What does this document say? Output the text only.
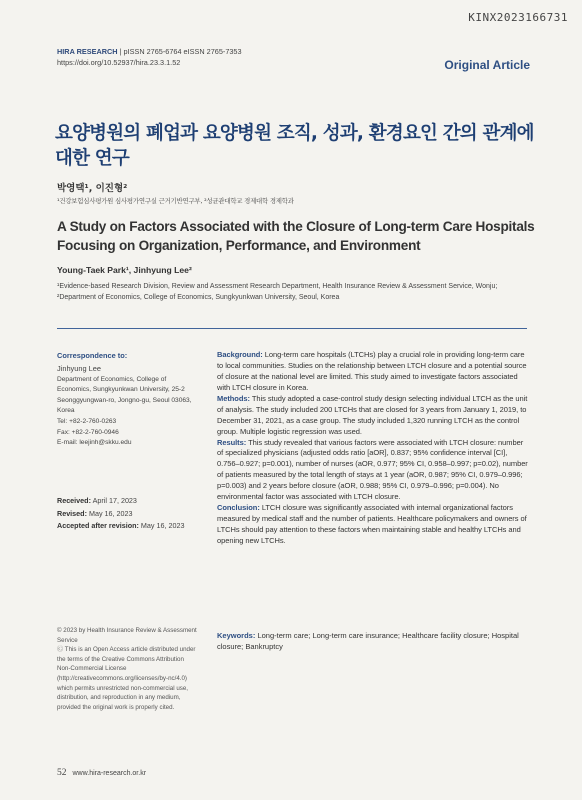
KINX2023166731
HIRA RESEARCH | pISSN 2765-6764 eISSN 2765-7353
https://doi.org/10.52937/hira.23.3.1.52	Original Article
요양병원의 폐업과 요양병원 조직, 성과, 환경요인 간의 관계에 대한 연구
박영택¹, 이진형²
¹건강보험심사평가원 심사평가연구실 근거기반연구부, ²성균관대학교 경제대학 경제학과
A Study on Factors Associated with the Closure of Long-term Care Hospitals Focusing on Organization, Performance, and Environment
Young-Taek Park¹, Jinhyung Lee²
¹Evidence-based Research Division, Review and Assessment Research Department, Health Insurance Review & Assessment Service, Wonju; ²Department of Economics, College of Economics, Sungkyunkwan University, Seoul, Korea
Correspondence to:
Jinhyung Lee
Department of Economics, College of Economics, Sungkyunkwan University, 25-2 Seonggyungwan-ro, Jongno-gu, Seoul 03063, Korea
Tel: +82-2-760-0263
Fax: +82-2-760-0946
E-mail: leejinh@skku.edu
Received: April 17, 2023
Revised: May 16, 2023
Accepted after revision: May 16, 2023
© 2023 by Health Insurance Review & Assessment Service
Ⓒ This is an Open Access article distributed under the terms of the Creative Commons Attribution Non-Commercial License (http://creativecommons.org/licenses/by-nc/4.0) which permits unrestricted non-commercial use, distribution, and reproduction in any medium, provided the original work is properly cited.

Background: Long-term care hospitals (LTCHs) play a crucial role in providing long-term care to local communities. Studies on the relationship between LTCH closure and a potential source of closure at the national level are limited. This study aimed to investigate factors associated with LTCH closure in Korea.

Methods: This study adopted a case-control study design selecting individual LTCH as the unit of analysis. The study included 200 LTCHs that are closed for 3 years from January 1, 2019, to December 31, 2021, as a case group. The study included 1,320 running LTCH as the control group. Multiple logistic regression was used.

Results: This study revealed that various factors were associated with LTCH closure: number of specialized physicians (adjusted odds ratio [aOR], 0.837; 95% confidence interval [CI], 0.756–0.927; p=0.001), number of nurses (aOR, 0.977; 95% CI, 0.958–0.997; p=0.02), number of patients measured by the total length of stays at 1 year (aOR, 0.987; 95% CI, 0.979–0.996; p=0.003) and 2 years before closure (aOR, 0.988; 95% CI, 0.979–0.996; p=0.004). No environmental factor was associated with LTCH closure.

Conclusion: LTCH closure was significantly associated with internal organizational factors measured by medical staff and the number of patients. Healthcare policymakers and owners of LTCHs should pay attention to these factors when maintaining stable and healthy LTCHs and opening new LTCHs.

Keywords: Long-term care; Long-term care insurance; Healthcare facility closure; Hospital closure; Bankruptcy
52 www.hira-research.or.kr
